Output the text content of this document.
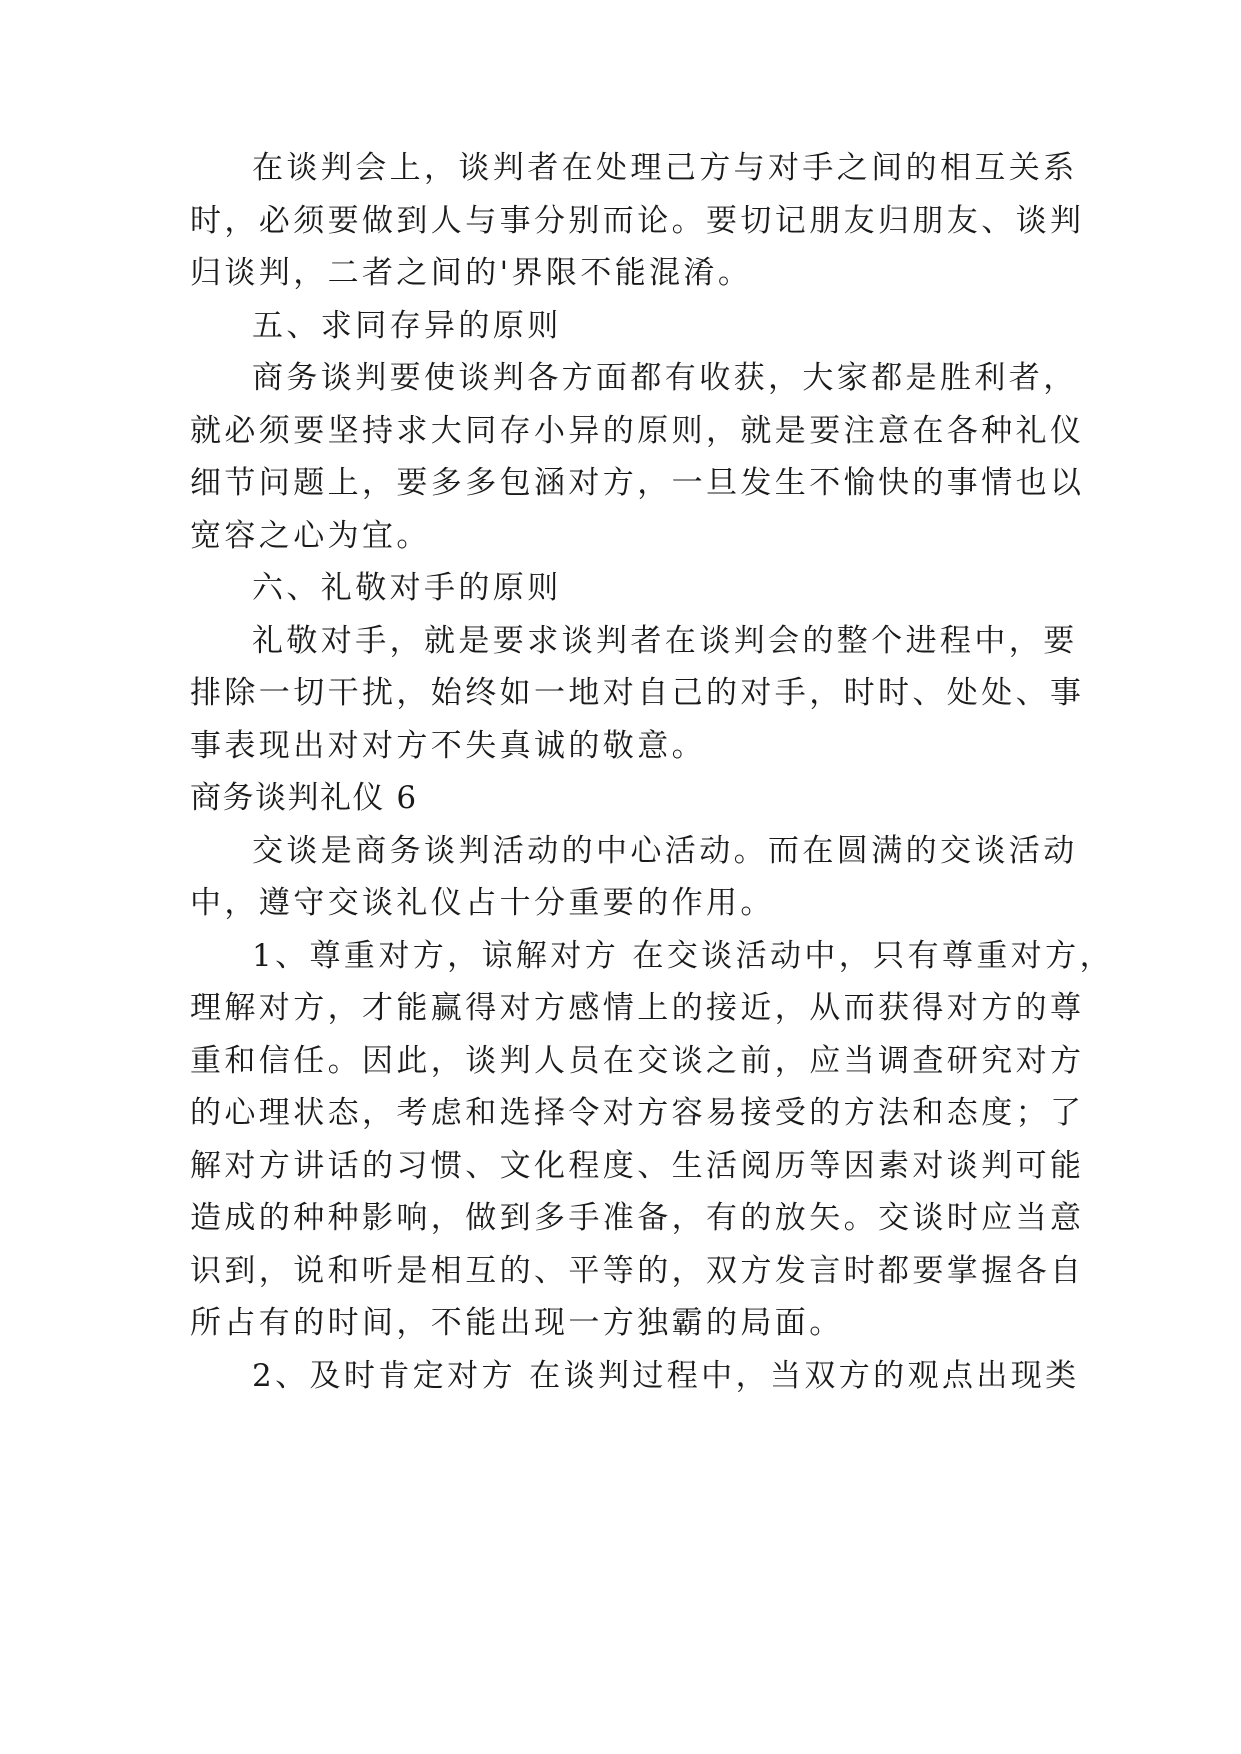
在谈判会上，谈判者在处理己方与对手之间的相互关系

时，必须要做到人与事分别而论。要切记朋友归朋友、谈判

归谈判，二者之间的'界限不能混淆。

五、求同存异的原则

商务谈判要使谈判各方面都有收获，大家都是胜利者，

就必须要坚持求大同存小异的原则，就是要注意在各种礼仪

细节问题上，要多多包涵对方，一旦发生不愉快的事情也以

宽容之心为宜。

六、礼敬对手的原则

礼敬对手，就是要求谈判者在谈判会的整个进程中，要

排除一切干扰，始终如一地对自己的对手，时时、处处、事

事表现出对对方不失真诚的敬意。

商务谈判礼仪 6

交谈是商务谈判活动的中心活动。而在圆满的交谈活动

中，遵守交谈礼仪占十分重要的作用。

1、尊重对方，谅解对方 在交谈活动中，只有尊重对方，

理解对方，才能赢得对方感情上的接近，从而获得对方的尊

重和信任。因此，谈判人员在交谈之前，应当调查研究对方

的心理状态，考虑和选择令对方容易接受的方法和态度；了

解对方讲话的习惯、文化程度、生活阅历等因素对谈判可能

造成的种种影响，做到多手准备，有的放矢。交谈时应当意

识到，说和听是相互的、平等的，双方发言时都要掌握各自

所占有的时间，不能出现一方独霸的局面。

2、及时肯定对方 在谈判过程中，当双方的观点出现类
